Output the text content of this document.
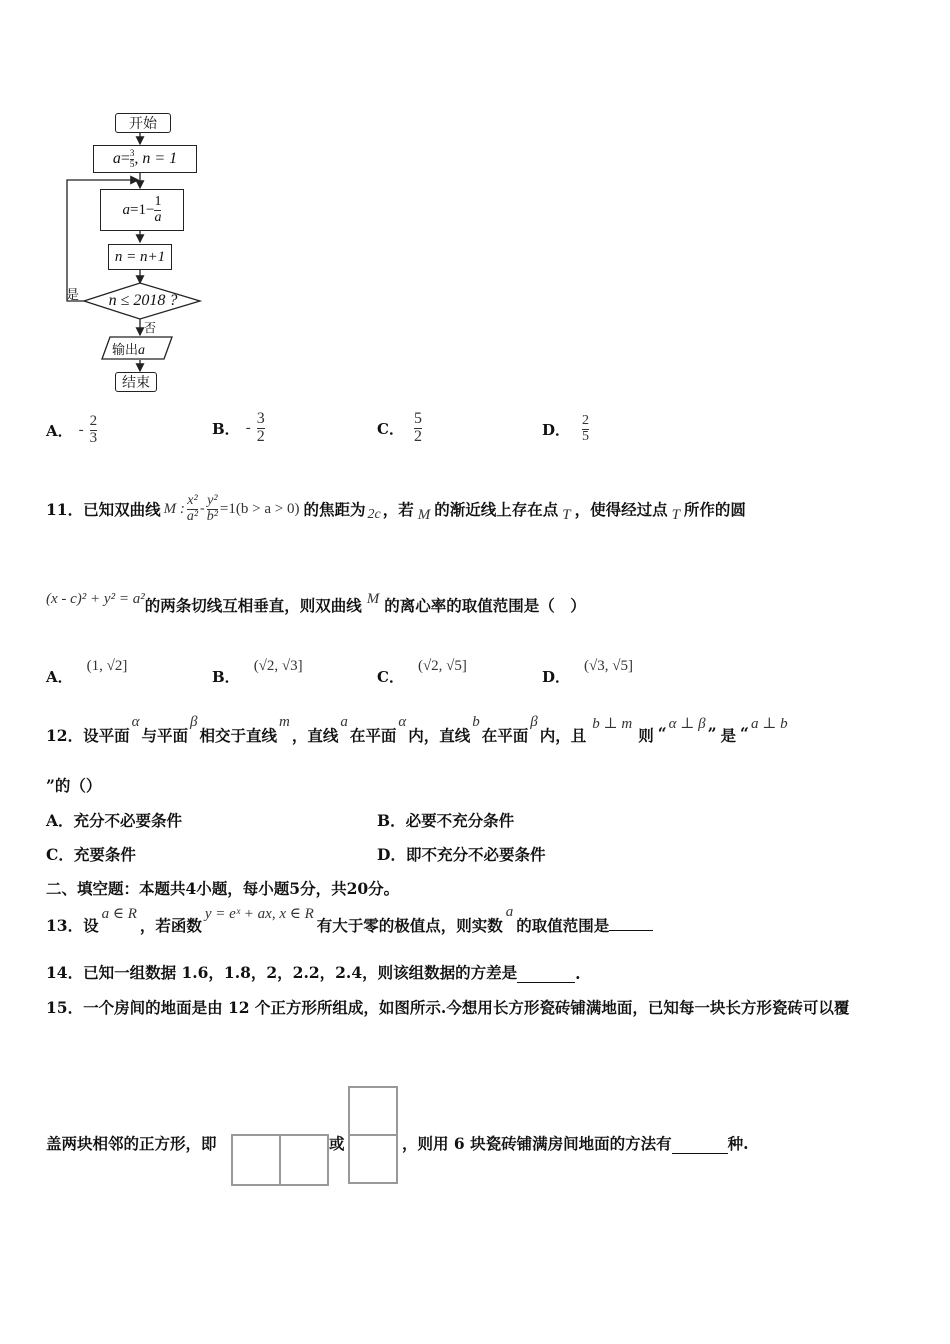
开始
$a = \frac{3}{5}$ , n = 1
$a =1- \frac{1}{a}$
n = n+1
n ≤ 2018 ?
是
否
输出a
结束
A． - $\frac{2}{3}$	B． - $\frac{3}{2}$	C． $\frac{5}{2}$	D． $\frac{2}{5}$
11． 已知双曲线 M : $\frac{\text{x²}}{\text{a²}} - \frac{\text{y²}}{\text{b²}} =1(b > a > 0)$ 的焦距为 2c ，若 M 的渐近线上存在点 T ，使得经过点 T 所作的圆
(x - c)² + y² = a² 的两条切线互相垂直，则双曲线 M 的离心率的取值范围是（　）
A．
(1, √2]
B．
(√2, √3]
C．
(√2, √5]
D．
(√3, √5]
12． 设平面
α
与平面
β
相交于直线
m
，直线
a
在平面
α
内，直线
b
在平面
β
内，且
b ⊥ m
则 “ α ⊥ β ” 是 “ a ⊥ b
”的（）
A．充分不必要条件	B．必要不充分条件
C．充要条件	D．即不充分不必要条件
二、填空题：本题共4小题，每小题5分，共20分。
13． 设
a ∈ R
，若函数
y = eˣ + ax, x ∈ R
有大于零的极值点，则实数
a
的取值范围是
14．已知一组数据 1.6，1.8，2，2.2，2.4，则该组数据的方差是	.
15．一个房间的地面是由 12 个正方形所组成，如图所示.今想用长方形瓷砖铺满地面，已知每一块长方形瓷砖可以覆
盖两块相邻的正方形，即	或	，则用 6 块瓷砖铺满房间地面的方法有	种.
